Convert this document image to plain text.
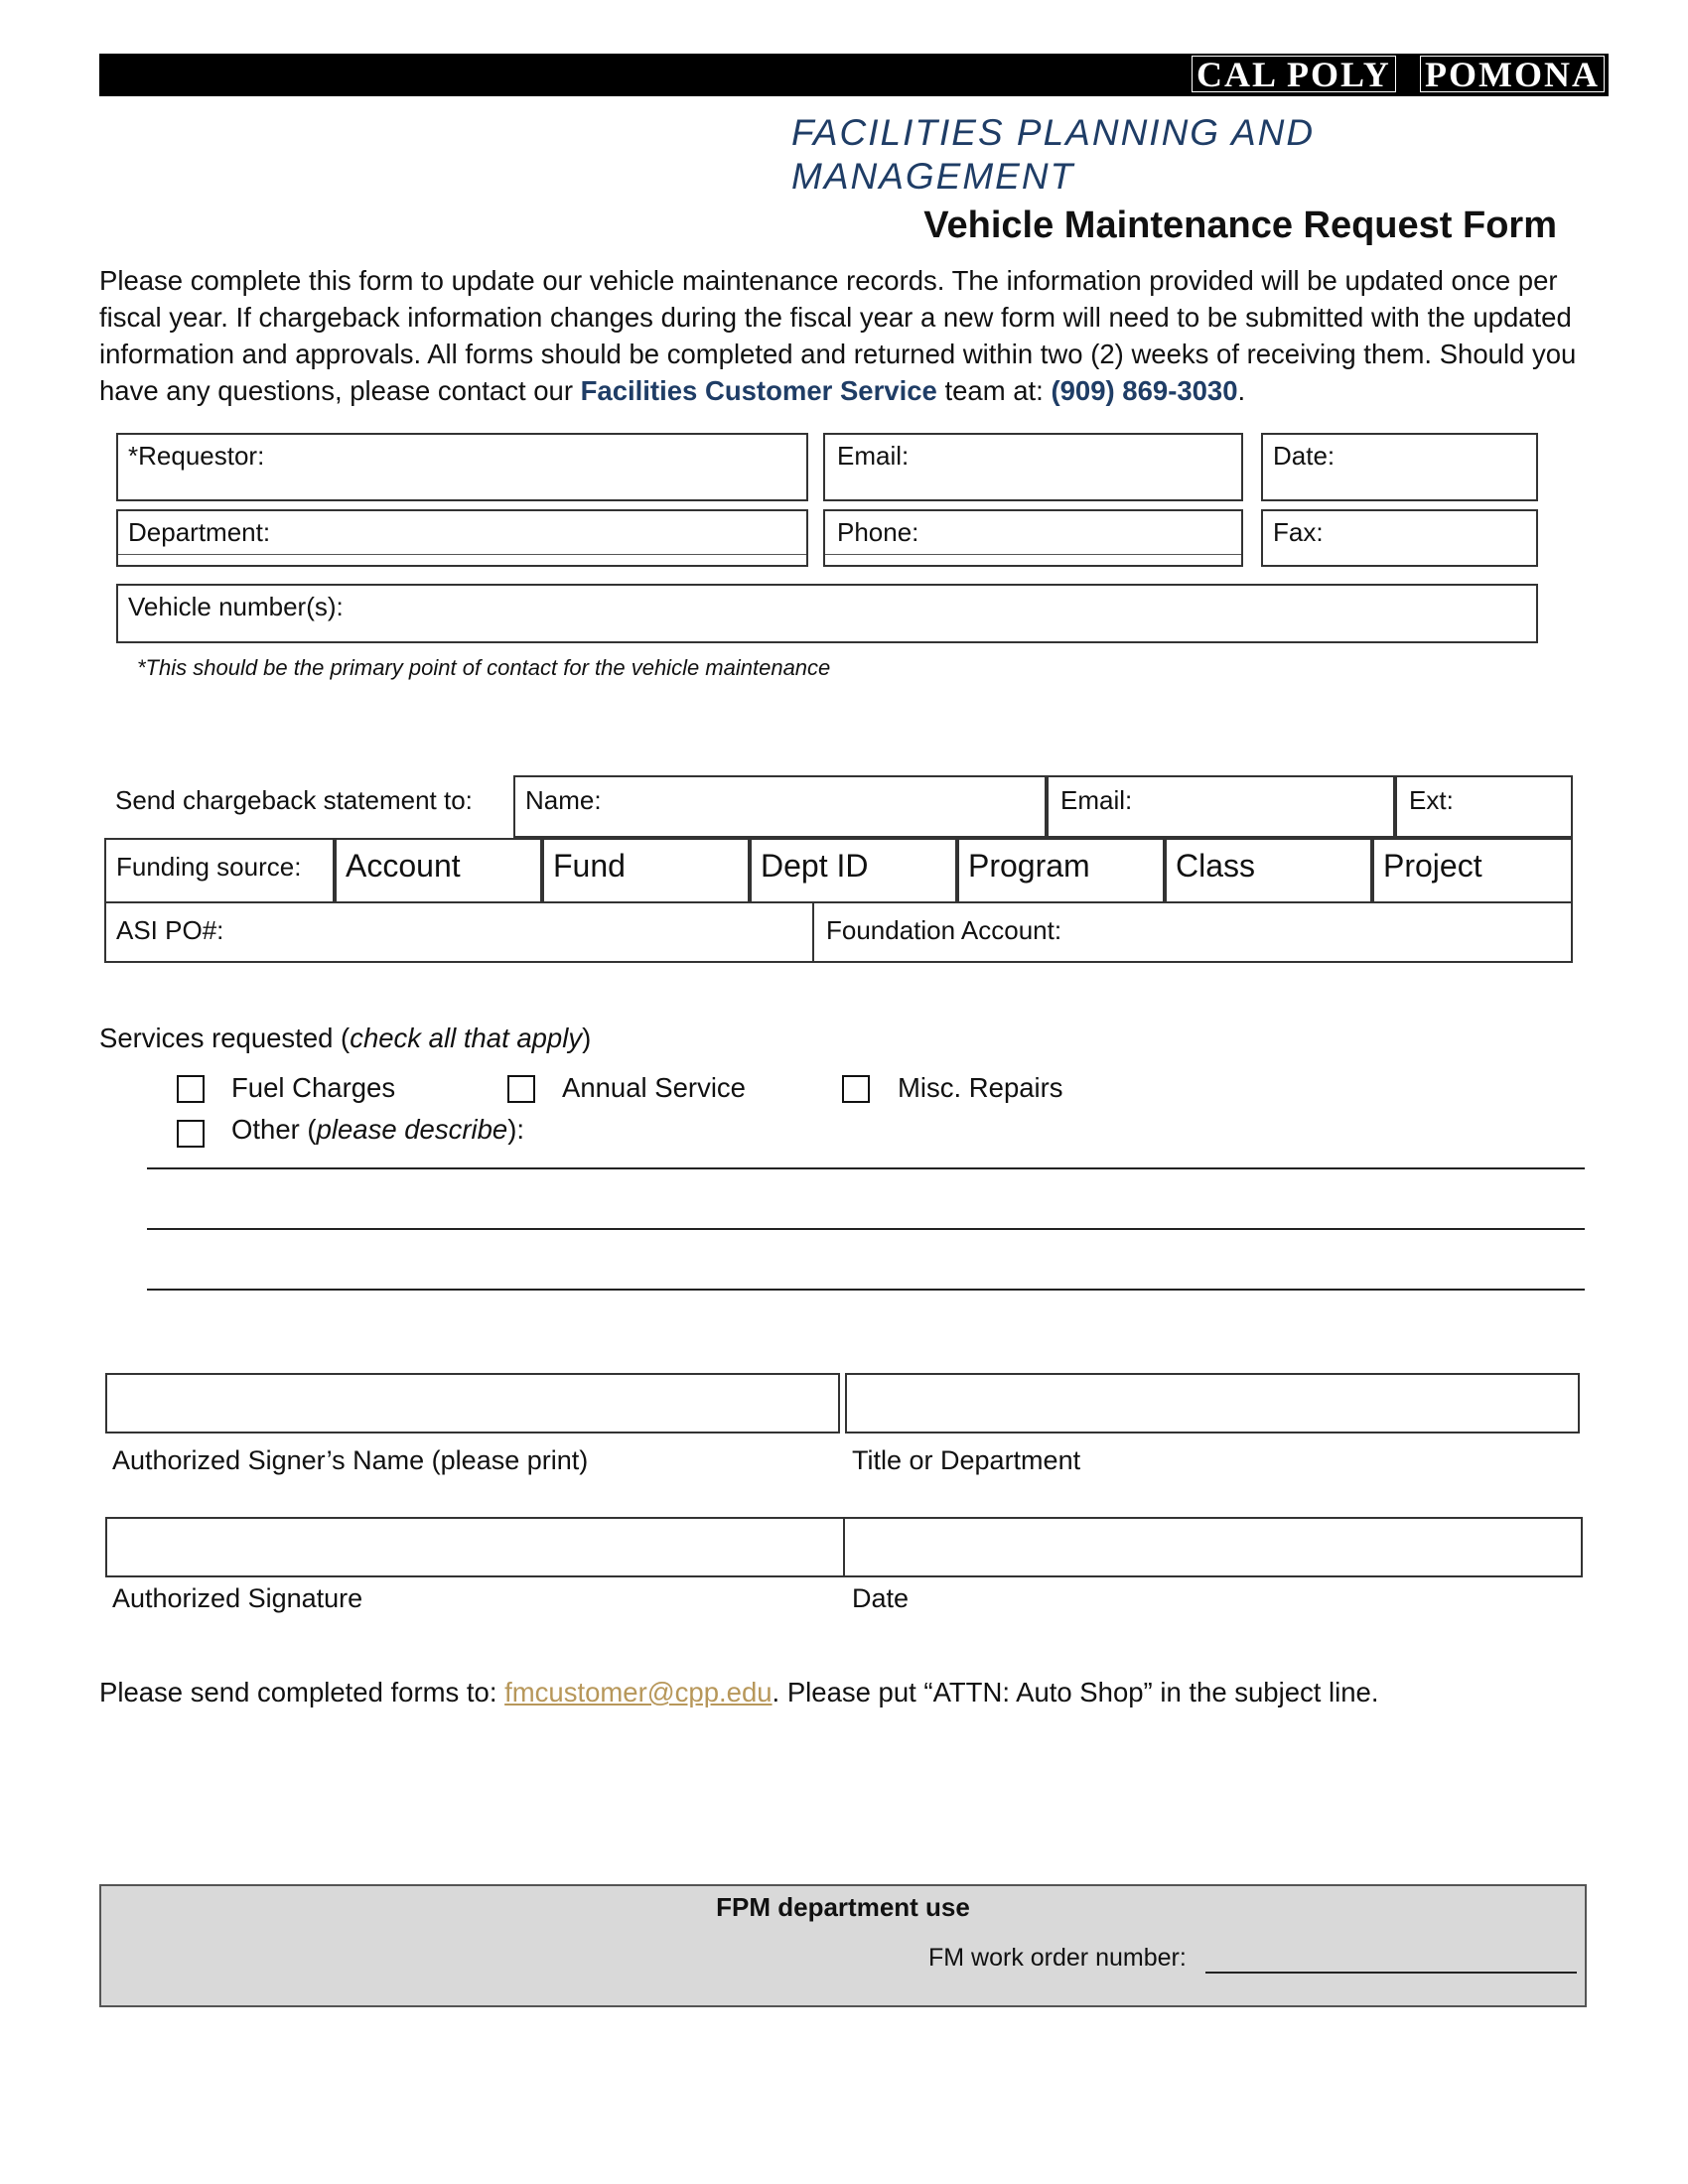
CAL POLY POMONA
FACILITIES PLANNING AND MANAGEMENT
Vehicle Maintenance Request Form
Please complete this form to update our vehicle maintenance records. The information provided will be updated once per fiscal year. If chargeback information changes during the fiscal year a new form will need to be submitted with the updated information and approvals. All forms should be completed and returned within two (2) weeks of receiving them. Should you have any questions, please contact our Facilities Customer Service team at: (909) 869-3030.
*Requestor:	Email:	Date:
Department:	Phone:	Fax:
Vehicle number(s):
*This should be the primary point of contact for the vehicle maintenance
Send chargeback statement to: Name:	Email:	Ext:
Funding source: Account	Fund	Dept ID	Program	Class	Project
ASI PO#:	Foundation Account:
Services requested (check all that apply)
Fuel Charges	Annual Service	Misc. Repairs
Other (please describe):
Authorized Signer’s Name (please print)	Title or Department
Authorized Signature	Date
Please send completed forms to: fmcustomer@cpp.edu. Please put “ATTN: Auto Shop” in the subject line.
FPM department use
FM work order number:
